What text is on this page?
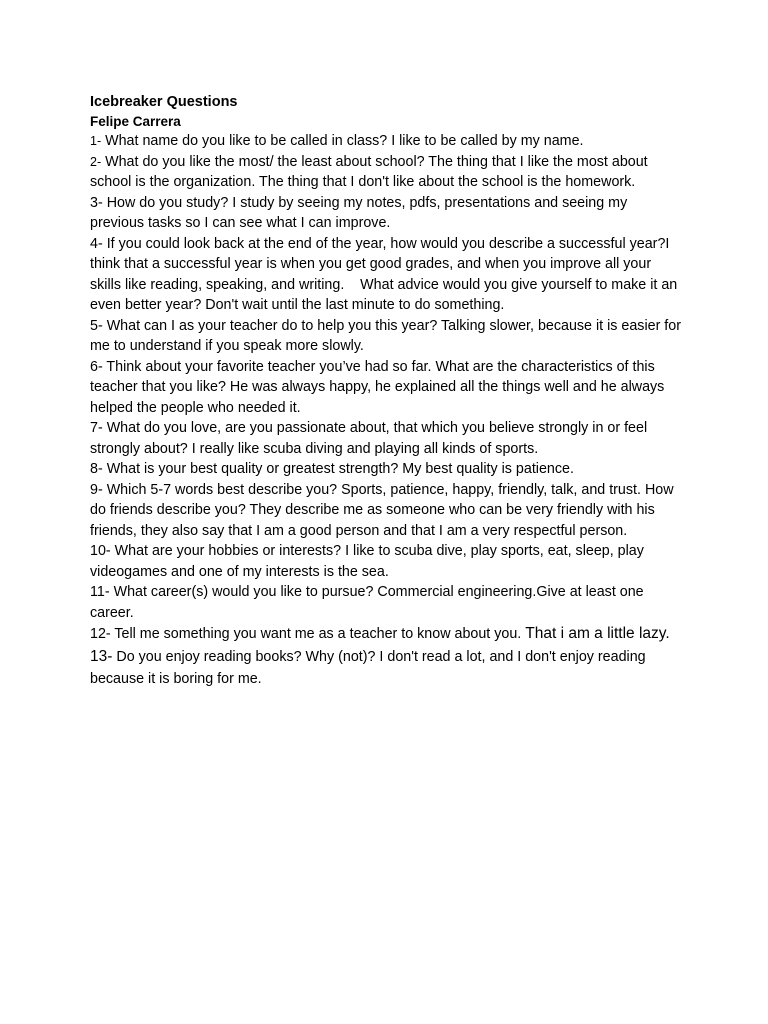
Icebreaker Questions

Felipe Carrera

1- What name do you like to be called in class? I like to be called by my name.

2- What do you like the most/ the least about school? The thing that I like the most about school is the organization. The thing that I don't like about the school is the homework.

3- How do you study? I study by seeing my notes, pdfs, presentations and seeing my previous tasks so I can see what I can improve.

4- If you could look back at the end of the year, how would you describe a successful year?I think that a successful year is when you get good grades, and when you improve all your skills like reading, speaking, and writing.    What advice would you give yourself to make it an even better year? Don't wait until the last minute to do something.

5- What can I as your teacher do to help you this year? Talking slower, because it is easier for me to understand if you speak more slowly.

6- Think about your favorite teacher you’ve had so far. What are the characteristics of this teacher that you like? He was always happy, he explained all the things well and he always helped the people who needed it.

7- What do you love, are you passionate about, that which you believe strongly in or feel strongly about? I really like scuba diving and playing all kinds of sports.

8- What is your best quality or greatest strength? My best quality is patience.

9- Which 5-7 words best describe you? Sports, patience, happy, friendly, talk, and trust. How do friends describe you? They describe me as someone who can be very friendly with his friends, they also say that I am a good person and that I am a very respectful person.

10- What are your hobbies or interests? I like to scuba dive, play sports, eat, sleep, play videogames and one of my interests is the sea.

11- What career(s) would you like to pursue? Commercial engineering.Give at least one career.

12- Tell me something you want me as a teacher to know about you. That i am a little lazy.

13- Do you enjoy reading books? Why (not)? I don't read a lot, and I don't enjoy reading because it is boring for me.
